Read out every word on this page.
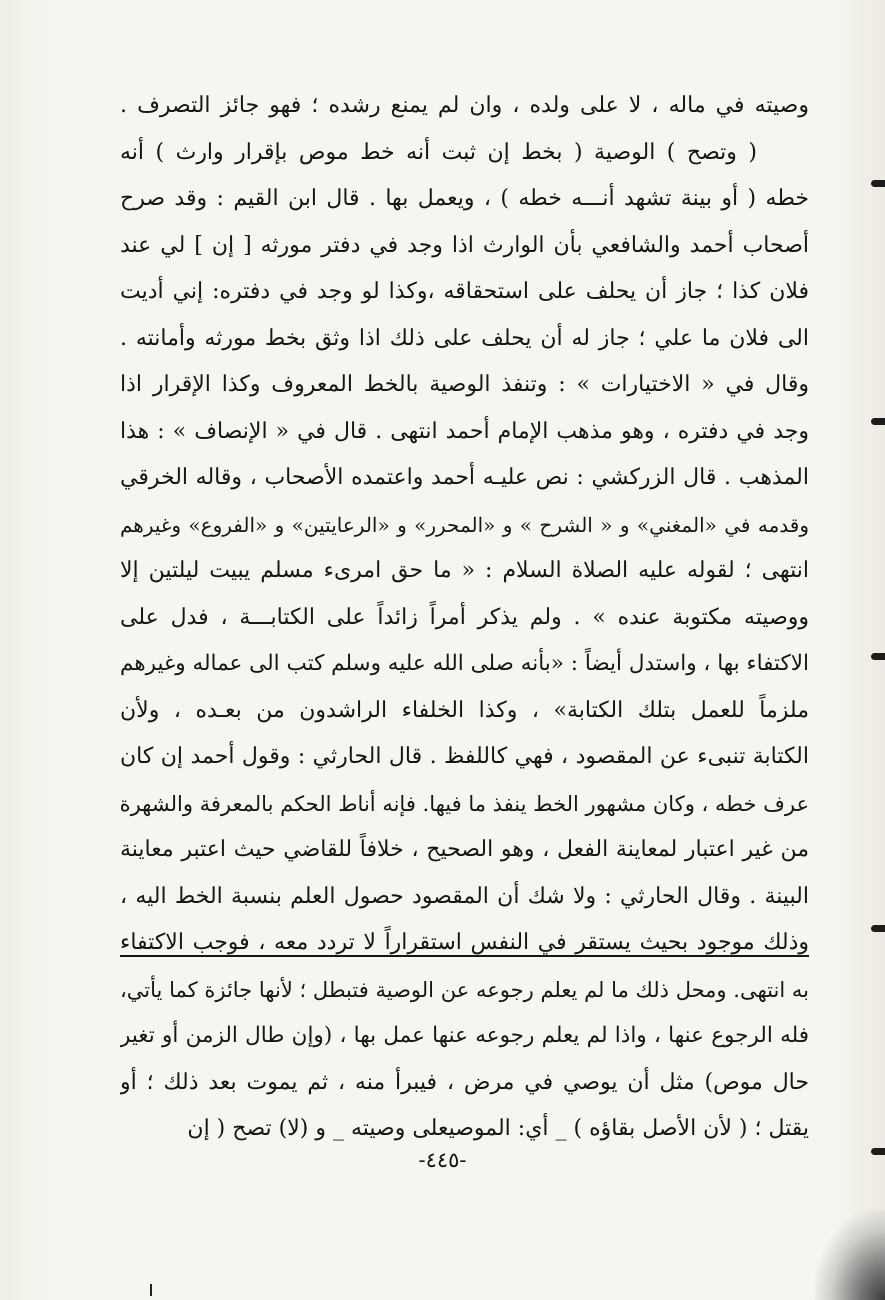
وصيته في ماله ، لا على ولده ، وان لم يمنع رشده ؛ فهو جائز التصرف .
( وتصح ) الوصية ( بخط إن ثبت أنه خط موص بإقرار وارث ) أنه
خطه ( أو بينة تشهد أنـــه خطه ) ، ويعمل بها . قال ابن القيم : وقد صرح
أصحاب أحمد والشافعي بأن الوارث اذا وجد في دفتر مورثه [ إن ] لي عند
فلان كذا ؛ جاز أن يحلف على استحقاقه ،وكذا لو وجد في دفتره: إني أديت
الى فلان ما علي ؛ جاز له أن يحلف على ذلك اذا وثق بخط مورثه وأمانته .
وقال في « الاختيارات » : وتنفذ الوصية بالخط المعروف وكذا الإقرار اذا
وجد في دفتره ، وهو مذهب الإمام أحمد انتهى . قال في « الإنصاف » : هذا
المذهب . قال الزركشي : نص عليـه أحمد واعتمده الأصحاب ، وقاله الخرقي
وقدمه في «المغني» و « الشرح » و «المحرر» و «الرعايتين» و «الفروع» وغيرهم
انتهى ؛ لقوله عليه الصلاة السلام : « ما حق امرىء مسلم يبيت ليلتين إلا
ووصيته مكتوبة عنده » . ولم يذكر أمراً زائداً على الكتابـــة ، فدل على
الاكتفاء بها ، واستدل أيضاً : «بأنه صلى الله عليه وسلم كتب الى عماله وغيرهم
ملزماً للعمل بتلك الكتابة» ، وكذا الخلفاء الراشدون من بعـده ، ولأن
الكتابة تنبىء عن المقصود ، فهي كاللفظ . قال الحارثي : وقول أحمد إن كان
عرف خطه ، وكان مشهور الخط ينفذ ما فيها. فإنه أناط الحكم بالمعرفة والشهرة
من غير اعتبار لمعاينة الفعل ، وهو الصحيح ، خلافاً للقاضي حيث اعتبر معاينة
البينة . وقال الحارثي : ولا شك أن المقصود حصول العلم بنسبة الخط اليه ،
وذلك موجود بحيث يستقر في النفس استقراراً لا تردد معه ، فوجب الاكتفاء
به انتهى. ومحل ذلك ما لم يعلم رجوعه عن الوصية فتبطل ؛ لأنها جائزة كما يأتي،
فله الرجوع عنها ، واذا لم يعلم رجوعه عنها عمل بها ، (وإن طال الزمن أو تغير
حال موص) مثل أن يوصي في مرض ، فيبرأ منه ، ثم يموت بعد ذلك ؛ أو
يقتل ؛ ( لأن الأصل بقاؤه ) _ أي: الموصيعلى وصيته _ و (لا) تصح ( إن
-٤٤٥-
